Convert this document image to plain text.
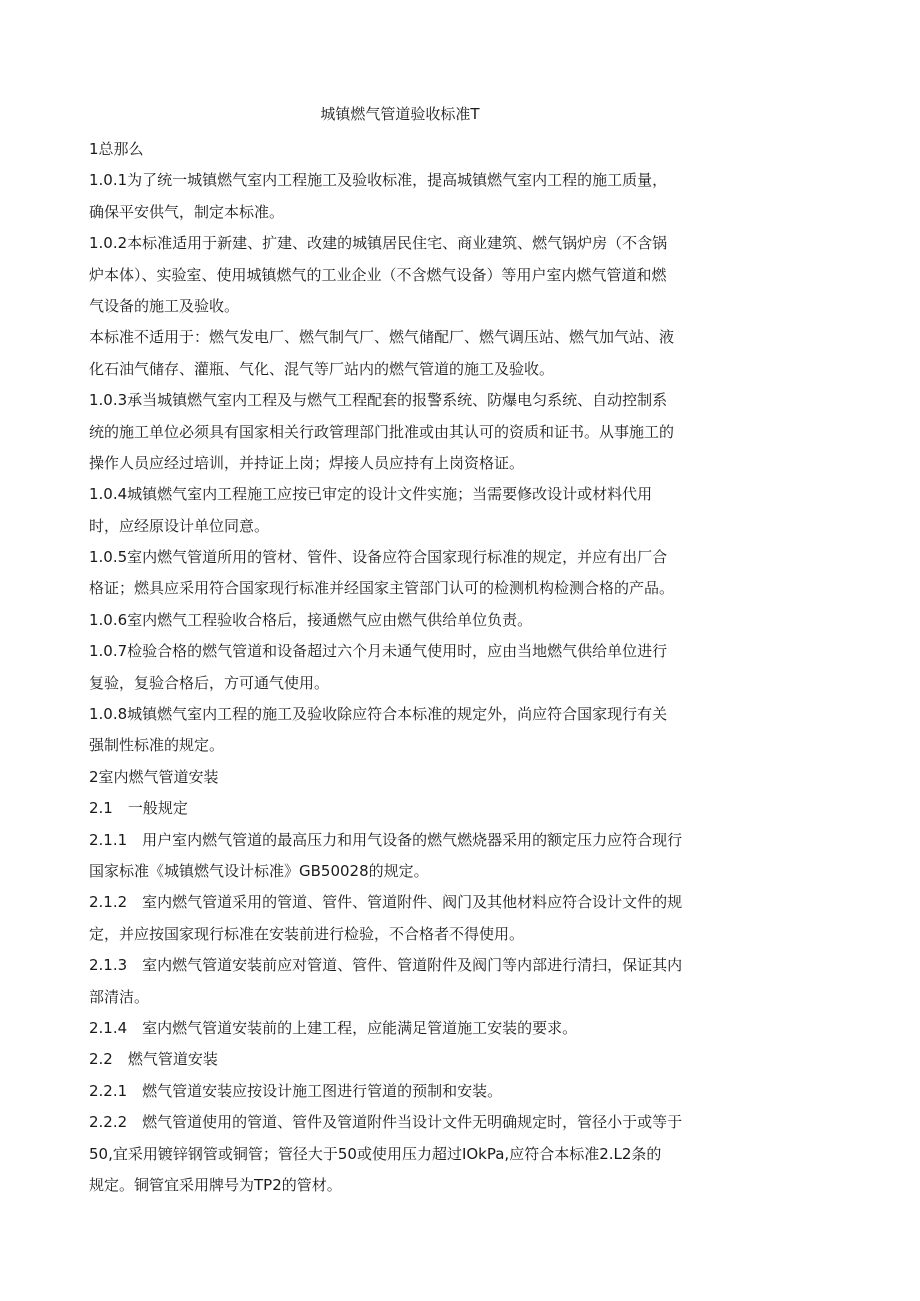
城镇燃气管道验收标准T
1总那么
1.0.1为了统一城镇燃气室内工程施工及验收标准，提高城镇燃气室内工程的施工质量，
确保平安供气，制定本标准。
1.0.2本标准适用于新建、扩建、改建的城镇居民住宅、商业建筑、燃气锅炉房（不含锅
炉本体）、实验室、使用城镇燃气的工业企业（不含燃气设备）等用户室内燃气管道和燃
气设备的施工及验收。
本标准不适用于：燃气发电厂、燃气制气厂、燃气储配厂、燃气调压站、燃气加气站、液
化石油气储存、灌瓶、气化、混气等厂站内的燃气管道的施工及验收。
1.0.3承当城镇燃气室内工程及与燃气工程配套的报警系统、防爆电匀系统、自动控制系
统的施工单位必须具有国家相关行政管理部门批准或由其认可的资质和证书。从事施工的
操作人员应经过培训，并持证上岗；焊接人员应持有上岗资格证。
1.0.4城镇燃气室内工程施工应按已审定的设计文件实施；当需要修改设计或材料代用
时，应经原设计单位同意。
1.0.5室内燃气管道所用的管材、管件、设备应符合国家现行标准的规定，并应有出厂合
格证；燃具应采用符合国家现行标准并经国家主管部门认可的检测机构检测合格的产品。
1.0.6室内燃气工程验收合格后，接通燃气应由燃气供给单位负责。
1.0.7检验合格的燃气管道和设备超过六个月未通气使用时，应由当地燃气供给单位进行
复验，复验合格后，方可通气使用。
1.0.8城镇燃气室内工程的施工及验收除应符合本标准的规定外，尚应符合国家现行有关
强制性标准的规定。
2室内燃气管道安装
2.1　一般规定
2.1.1　用户室内燃气管道的最高压力和用气设备的燃气燃烧器采用的额定压力应符合现行
国家标准《城镇燃气设计标准》GB50028的规定。
2.1.2　室内燃气管道采用的管道、管件、管道附件、阀门及其他材料应符合设计文件的规
定，并应按国家现行标准在安装前进行检验，不合格者不得使用。
2.1.3　室内燃气管道安装前应对管道、管件、管道附件及阀门等内部进行清扫，保证其内
部清洁。
2.1.4　室内燃气管道安装前的上建工程，应能满足管道施工安装的要求。
2.2　燃气管道安装
2.2.1　燃气管道安装应按设计施工图进行管道的预制和安装。
2.2.2　燃气管道使用的管道、管件及管道附件当设计文件无明确规定时，管径小于或等于
50,宜采用镀锌钢管或铜管；管径大于50或使用压力超过IOkPa,应符合本标准2.L2条的
规定。铜管宜采用牌号为TP2的管材。
